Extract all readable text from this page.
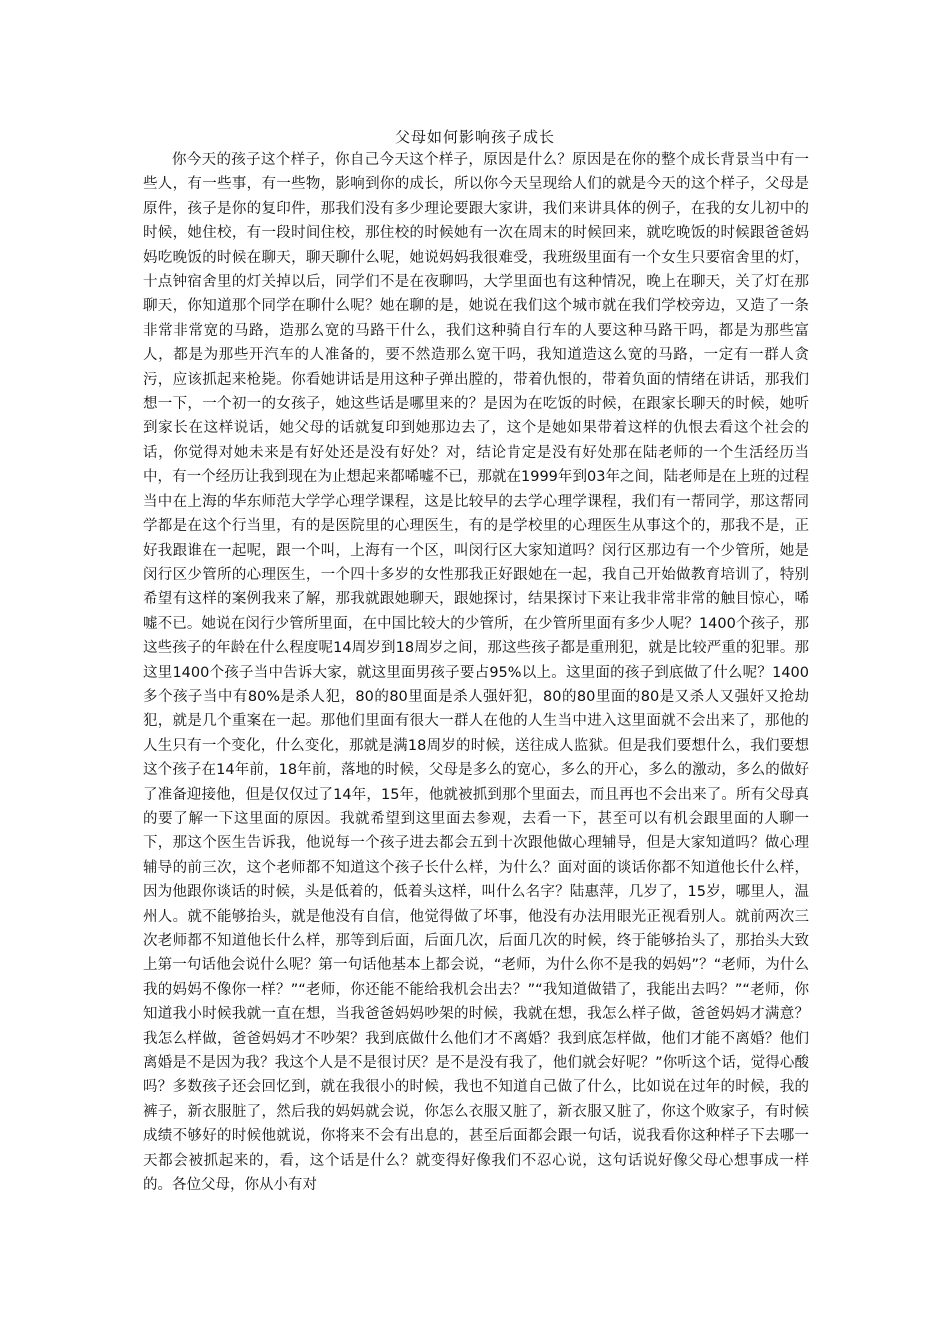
父母如何影响孩子成长

你今天的孩子这个样子，你自己今天这个样子，原因是什么？原因是在你的整个成长背景当中有一些人，有一些事，有一些物，影响到你的成长，所以你今天呈现给人们的就是今天的这个样子，父母是原件，孩子是你的复印件，那我们没有多少理论要跟大家讲，我们来讲具体的例子，在我的女儿初中的时候，她住校，有一段时间住校，那住校的时候她有一次在周末的时候回来，就吃晚饭的时候跟爸爸妈妈吃晚饭的时候在聊天，聊天聊什么呢，她说妈妈我很难受，我班级里面有一个女生只要宿舍里的灯，十点钟宿舍里的灯关掉以后，同学们不是在夜聊吗，大学里面也有这种情况，晚上在聊天，关了灯在那聊天，你知道那个同学在聊什么呢？她在聊的是，她说在我们这个城市就在我们学校旁边，又造了一条非常非常宽的马路，造那么宽的马路干什么，我们这种骑自行车的人要这种马路干吗，都是为那些富人，都是为那些开汽车的人准备的，要不然造那么宽干吗，我知道造这么宽的马路，一定有一群人贪污，应该抓起来枪毙。你看她讲话是用这种子弹出膛的，带着仇恨的，带着负面的情绪在讲话，那我们想一下，一个初一的女孩子，她这些话是哪里来的？是因为在吃饭的时候，在跟家长聊天的时候，她听到家长在这样说话，她父母的话就复印到她那边去了，这个是她如果带着这样的仇恨去看这个社会的话，你觉得对她未来是有好处还是没有好处？对，结论肯定是没有好处那在陆老师的一个生活经历当中，有一个经历让我到现在为止想起来都唏嘘不已，那就在1999年到03年之间，陆老师是在上班的过程当中在上海的华东师范大学学心理学课程，这是比较早的去学心理学课程，我们有一帮同学，那这帮同学都是在这个行当里，有的是医院里的心理医生，有的是学校里的心理医生从事这个的，那我不是，正好我跟谁在一起呢，跟一个叫，上海有一个区，叫闵行区大家知道吗？闵行区那边有一个少管所，她是闵行区少管所的心理医生，一个四十多岁的女性那我正好跟她在一起，我自己开始做教育培训了，特别希望有这样的案例我来了解，那我就跟她聊天，跟她探讨，结果探讨下来让我非常非常的触目惊心，唏嘘不已。她说在闵行少管所里面，在中国比较大的少管所，在少管所里面有多少人呢？1400个孩子，那这些孩子的年龄在什么程度呢14周岁到18周岁之间，那这些孩子都是重刑犯，就是比较严重的犯罪。那这里1400个孩子当中告诉大家，就这里面男孩子要占95%以上。这里面的孩子到底做了什么呢？1400多个孩子当中有80%是杀人犯，80的80里面是杀人强奸犯，80的80里面的80是又杀人又强奸又抢劫犯，就是几个重案在一起。那他们里面有很大一群人在他的人生当中进入这里面就不会出来了，那他的人生只有一个变化，什么变化，那就是满18周岁的时候，送往成人监狱。但是我们要想什么，我们要想这个孩子在14年前，18年前，落地的时候，父母是多么的宽心，多么的开心，多么的激动，多么的做好了准备迎接他，但是仅仅过了14年，15年，他就被抓到那个里面去，而且再也不会出来了。所有父母真的要了解一下这里面的原因。我就希望到这里面去参观，去看一下，甚至可以有机会跟里面的人聊一下，那这个医生告诉我，他说每一个孩子进去都会五到十次跟他做心理辅导，但是大家知道吗？做心理辅导的前三次，这个老师都不知道这个孩子长什么样，为什么？面对面的谈话你都不知道他长什么样，因为他跟你谈话的时候，头是低着的，低着头这样，叫什么名字？陆惠萍，几岁了，15岁，哪里人，温州人。就不能够抬头，就是他没有自信，他觉得做了坏事，他没有办法用眼光正视看别人。就前两次三次老师都不知道他长什么样，那等到后面，后面几次，后面几次的时候，终于能够抬头了，那抬头大致上第一句话他会说什么呢？第一句话他基本上都会说，“老师，为什么你不是我的妈妈”？“老师，为什么我的妈妈不像你一样？”“老师，你还能不能给我机会出去？”“我知道做错了，我能出去吗？”“老师，你知道我小时候我就一直在想，当我爸爸妈妈吵架的时候，我就在想，我怎么样子做，爸爸妈妈才满意？我怎么样做，爸爸妈妈才不吵架？我到底做什么他们才不离婚？我到底怎样做，他们才能不离婚？他们离婚是不是因为我？我这个人是不是很讨厌？是不是没有我了，他们就会好呢？”你听这个话，觉得心酸吗？多数孩子还会回忆到，就在我很小的时候，我也不知道自己做了什么，比如说在过年的时候，我的裤子，新衣服脏了，然后我的妈妈就会说，你怎么衣服又脏了，新衣服又脏了，你这个败家子，有时候成绩不够好的时候他就说，你将来不会有出息的，甚至后面都会跟一句话，说我看你这种样子下去哪一天都会被抓起来的，看，这个话是什么？就变得好像我们不忍心说，这句话说好像父母心想事成一样的。各位父母，你从小有对
